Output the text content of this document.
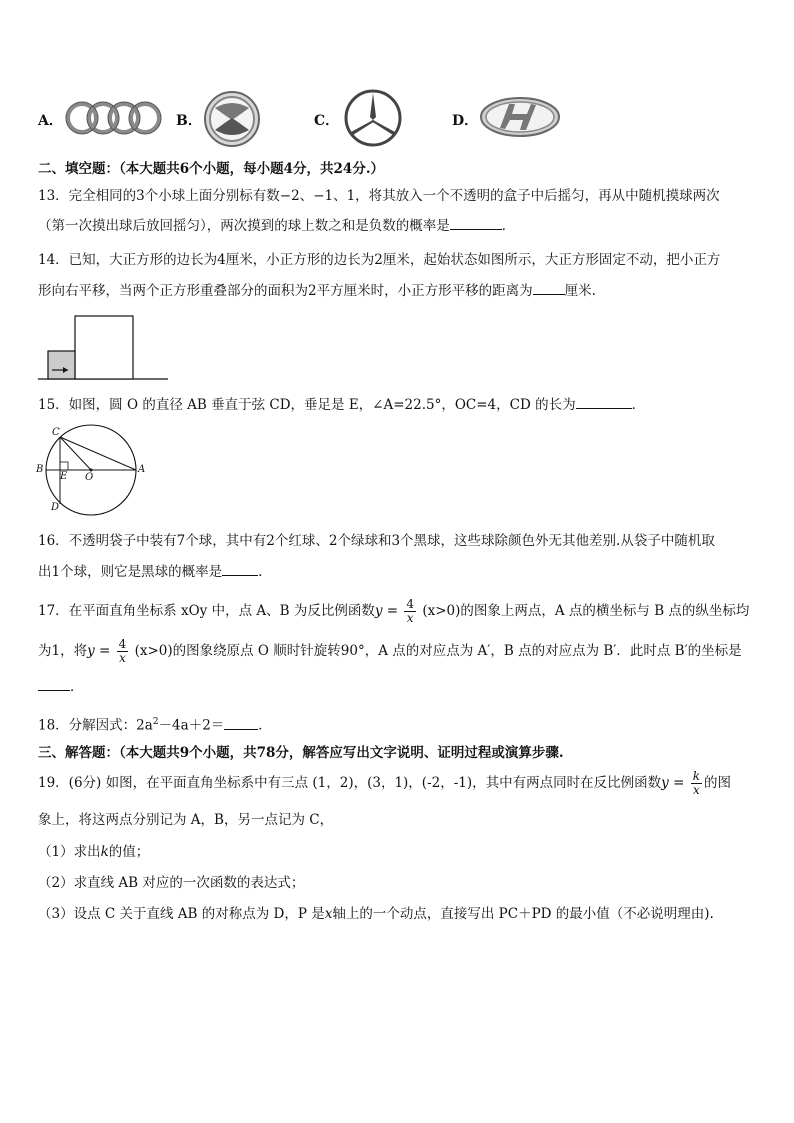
A．	B．	C．	D．
二、填空题：（本大题共6个小题，每小题4分，共24分.）
13．完全相同的3个小球上面分别标有数−2、−1、1，将其放入一个不透明的盒子中后摇匀，再从中随机摸球两次
（第一次摸出球后放回摇匀），两次摸到的球上数之和是负数的概率是	．
14．已知，大正方形的边长为4厘米，小正方形的边长为2厘米，起始状态如图所示，大正方形固定不动，把小正方
形向右平移，当两个正方形重叠部分的面积为2平方厘米时，小正方形平移的距离为 厘米.
15．如图，圆 O 的直径 AB 垂直于弦 CD，垂足是 E，∠A=22.5°，OC=4，CD 的长为	．
C
B
E O
A
D
16．不透明袋子中装有7个球，其中有2个红球、2个绿球和3个黑球，这些球除颜色外无其他差别.从袋子中随机取
出1个球，则它是黑球的概率是	.
17．在平面直角坐标系 xOy 中，点 A、B 为反比例函数$y = \frac{4}{x} (x>0)$的图象上两点，A 点的横坐标与 B 点的纵坐标均
为1，将$y = \frac{4}{x} (x>0)$的图象绕原点 O 顺时针旋转90°，A 点的对应点为 A′，B 点的对应点为 B′．此时点 B′的坐标是
．
18．分解因式：$2a^2-4a+2=$	．
三、解答题：（本大题共9个小题，共78分，解答应写出文字说明、证明过程或演算步骤.
19．(6分) 如图，在平面直角坐标系中有三点 (1，2)，(3，1)，(-2，-1)，其中有两点同时在反比例函数$y = \frac{k}{x}$ 的图
象上，将这两点分别记为 A，B，另一点记为 C，
（1）求出k的值；
（2）求直线 AB 对应的一次函数的表达式；
（3）设点 C 关于直线 AB 的对称点为 D，P 是x轴上的一个动点，直接写出 PC＋PD 的最小值（不必说明理由).
